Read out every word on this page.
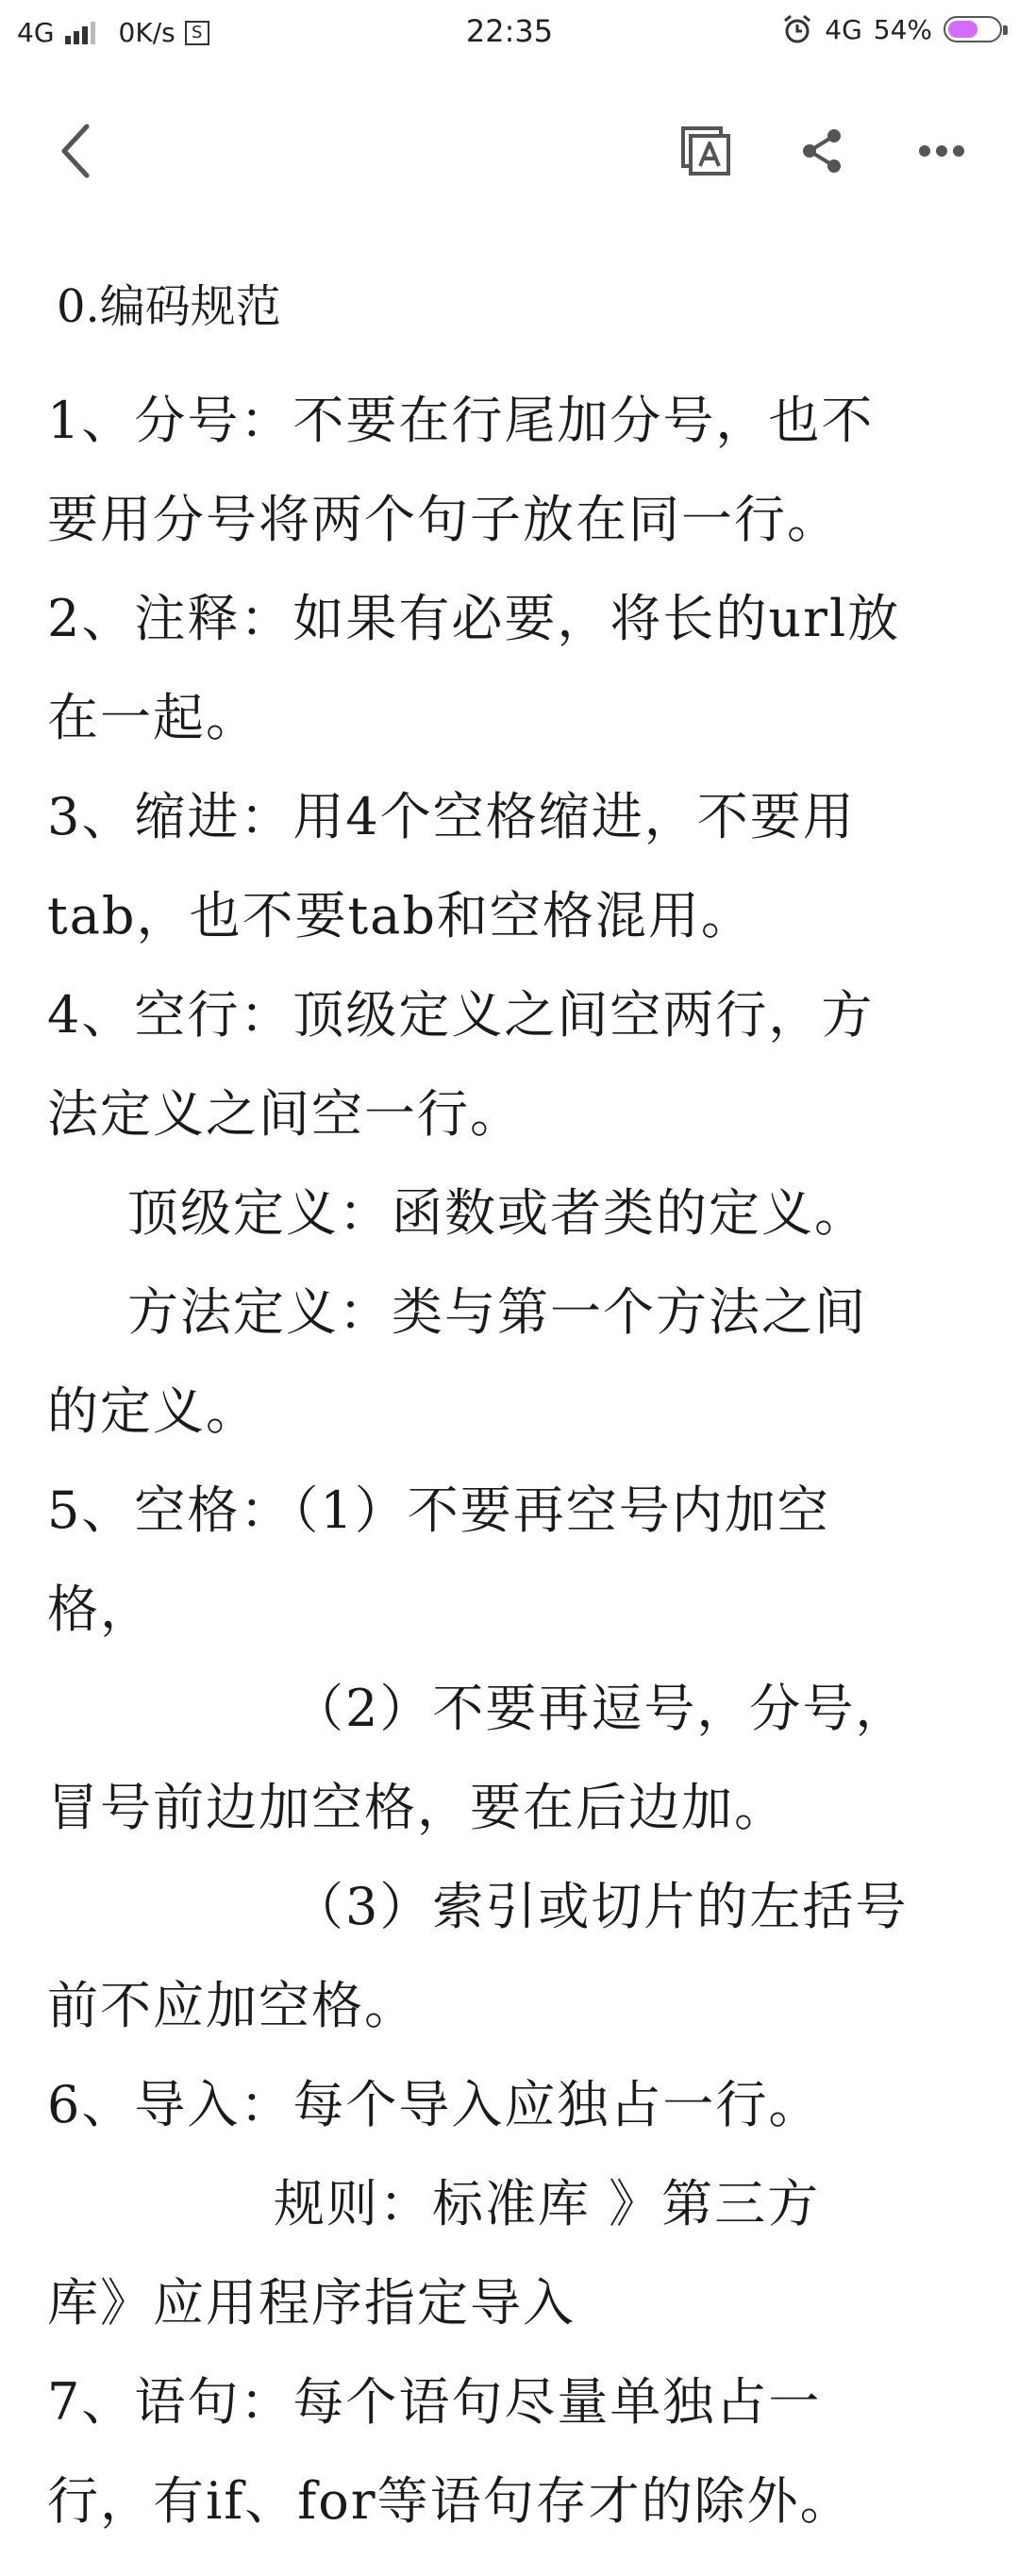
4G 0K/s S	22:35	4G 54%
0.编码规范
1、分号：不要在行尾加分号，也不
要用分号将两个句子放在同一行。
2、注释：如果有必要，将长的url放
在一起。
3、缩进：用4个空格缩进，不要用
tab，也不要tab和空格混用。
4、空行：顶级定义之间空两行，方
法定义之间空一行。
顶级定义：函数或者类的定义。
方法定义：类与第一个方法之间
的定义。
5、空格：（1）不要再空号内加空
格，
（2）不要再逗号，分号，
冒号前边加空格，要在后边加。
（3）索引或切片的左括号
前不应加空格。
6、导入：每个导入应独占一行。
规则：标准库 》第三方
库》应用程序指定导入
7、语句：每个语句尽量单独占一
行，有if、for等语句存才的除外。
